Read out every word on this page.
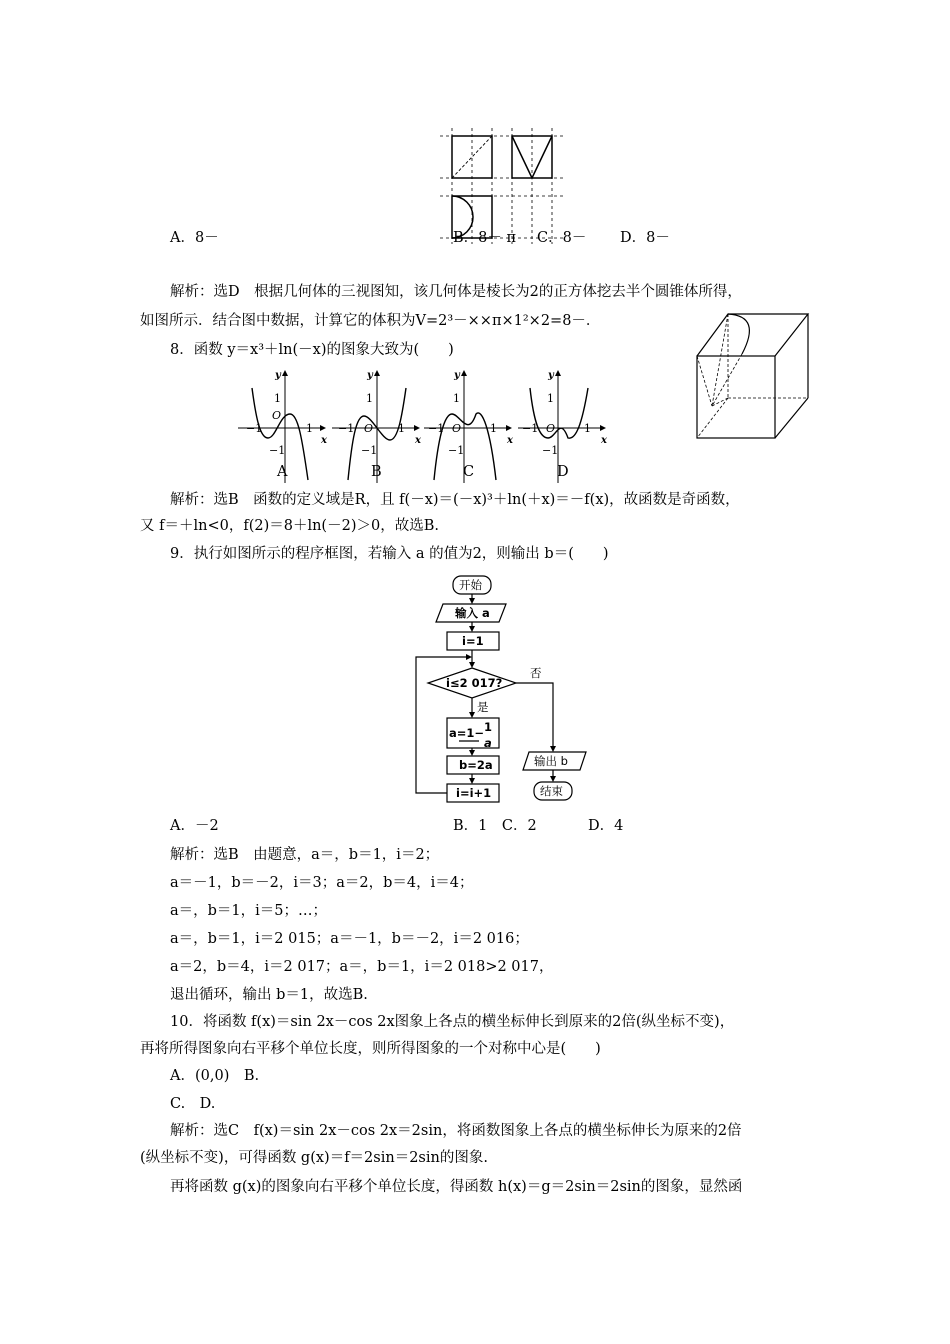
A．8－	B．8－ π C．8－ D．8－
解析：选D　根据几何体的三视图知，该几何体是棱长为2的正方体挖去半个圆锥体所得，
如图所示．结合图中数据，计算它的体积为V=2³－××π×1²×2=8－．
8．函数 y＝x³＋ln(－x)的图象大致为(　　)
y
x
O
1
−1
−1	1
y
x
O
1
−1
−1	1
y
x
O
1
−1
−1	1
y
x
O
1
−1
−1	1
A	B	C	D
解析：选B　函数的定义域是R，且 f(－x)＝(－x)³＋ln(＋x)＝－f(x)，故函数是奇函数，
又 f＝＋ln<0，f(2)＝8＋ln(－2)＞0，故选B.
9．执行如图所示的程序框图，若输入 a 的值为2，则输出 b＝(　　)
开始
输入 a
i=1
i≤2 017?
否
是
a=1− 1
a
b=2a
i=i+1
输出 b
结束
A．－2	B．1　C．2	D．4
解析：选B　由题意，a＝，b＝1，i＝2；
a＝－1，b＝－2，i＝3；a＝2，b＝4，i＝4；
a＝，b＝1，i＝5；…；
a＝，b＝1，i＝2 015；a＝－1，b＝－2，i＝2 016；
a＝2，b＝4，i＝2 017；a＝，b＝1，i＝2 018>2 017，
退出循环，输出 b＝1，故选B.
10．将函数 f(x)＝sin 2x－cos 2x图象上各点的横坐标伸长到原来的2倍(纵坐标不变)，
再将所得图象向右平移个单位长度，则所得图象的一个对称中心是(　　)
A．(0,0)　B.
C.　D.
解析：选C　f(x)＝sin 2x－cos 2x＝2sin，将函数图象上各点的横坐标伸长为原来的2倍
(纵坐标不变)，可得函数 g(x)＝f＝2sin＝2sin的图象.
再将函数 g(x)的图象向右平移个单位长度，得函数 h(x)＝g＝2sin＝2sin的图象，显然函
